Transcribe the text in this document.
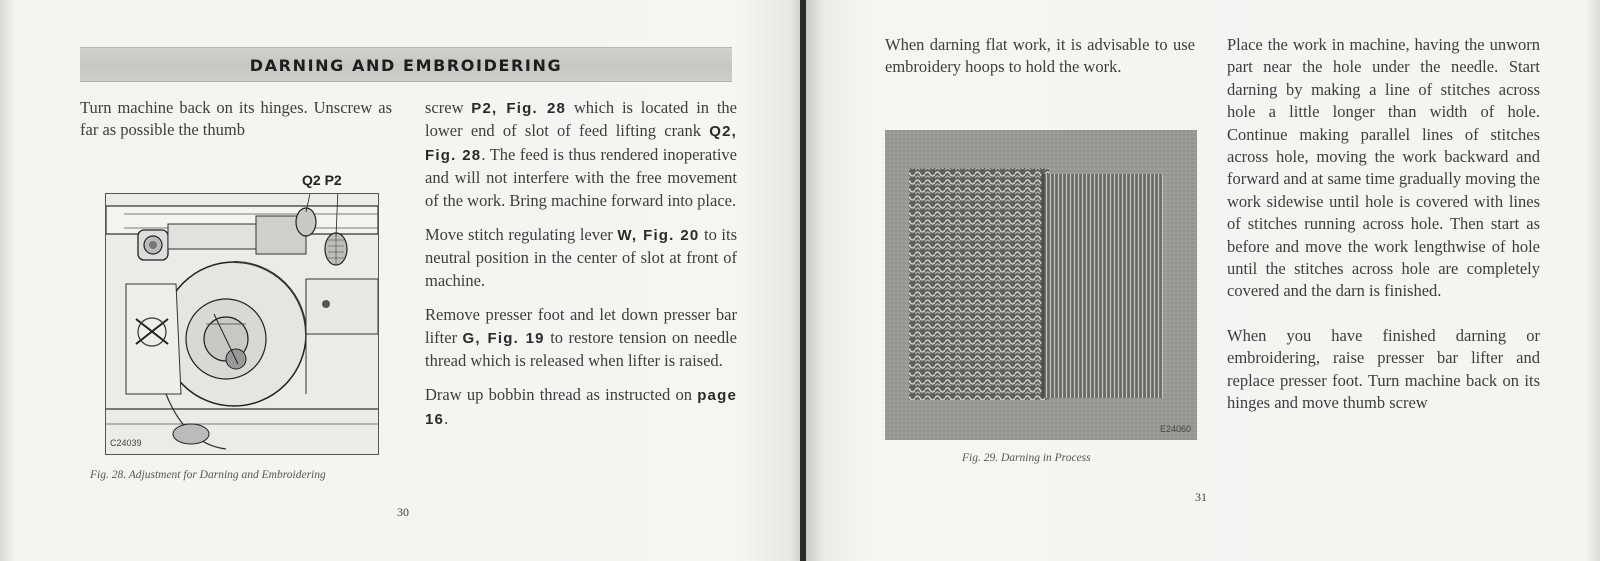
DARNING AND EMBROIDERING

Turn machine back on its hinges. Unscrew as far as possible the thumb

Q2 P2
C24039
Fig. 28. Adjustment for Darning and Embroidering

screw P2, Fig. 28 which is located in the lower end of slot of feed lifting crank Q2, Fig. 28. The feed is thus rendered inoperative and will not interfere with the free movement of the work. Bring machine forward into place.

Move stitch regulating lever W, Fig. 20 to its neutral position in the center of slot at front of machine.

Remove presser foot and let down presser bar lifter G, Fig. 19 to restore tension on needle thread which is released when lifter is raised.

Draw up bobbin thread as instructed on page 16.

30

When darning flat work, it is advisable to use embroidery hoops to hold the work.

E24060
Fig. 29. Darning in Process

Place the work in machine, having the unworn part near the hole under the needle. Start darning by making a line of stitches across hole a little longer than width of hole. Continue making parallel lines of stitches across hole, moving the work backward and forward and at same time gradually moving the work sidewise until hole is covered with lines of stitches running across hole. Then start as before and move the work lengthwise of hole until the stitches across hole are completely covered and the darn is finished.

When you have finished darning or embroidering, raise presser bar lifter and replace presser foot. Turn machine back on its hinges and move thumb screw

31
